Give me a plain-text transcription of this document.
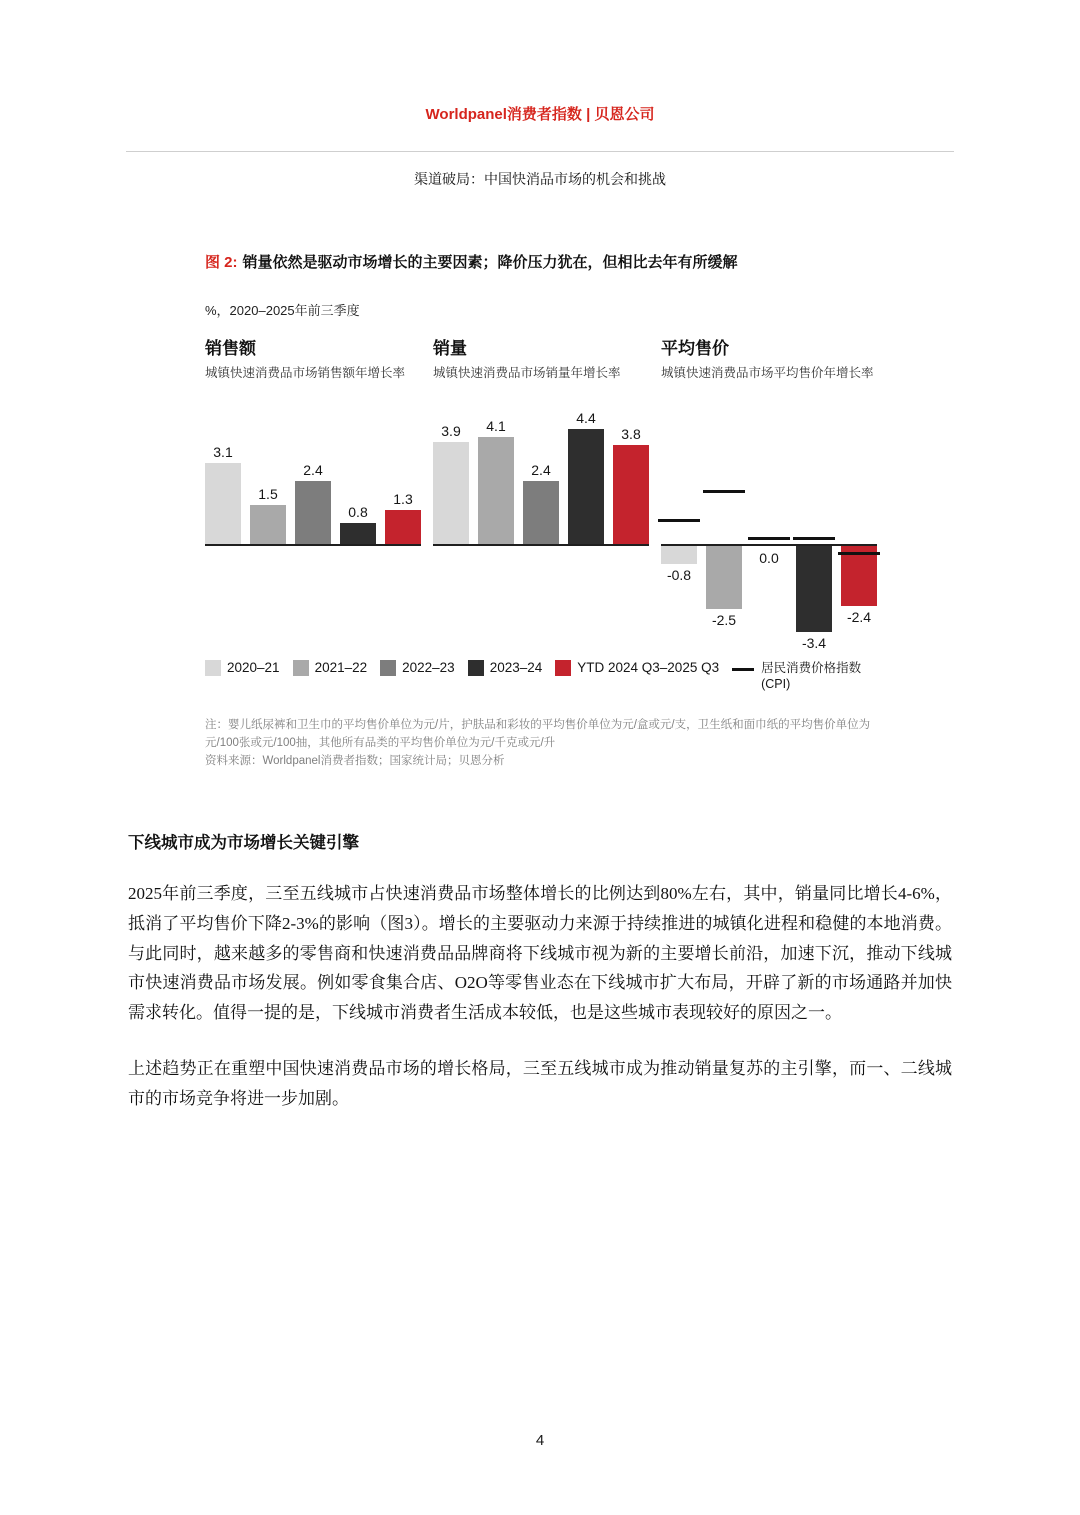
Worldpanel消费者指数 | 贝恩公司
渠道破局：中国快消品市场的机会和挑战
图 2: 销量依然是驱动市场增长的主要因素；降价压力犹在，但相比去年有所缓解
%，2020–2025年前三季度
销售额
城镇快速消费品市场销售额年增长率
3.1
1.5
2.4
0.8
1.3
销量
城镇快速消费品市场销量年增长率
3.9 4.1
2.4
4.4
3.8
平均售价
城镇快速消费品市场平均售价年增长率
-0.8
-2.5
0.0
-3.4
-2.4
2020–21	2021–22	2022–23	2023–24	YTD 2024 Q3–2025 Q3	居民消费价格指数 (CPI)
注：婴儿纸尿裤和卫生巾的平均售价单位为元/片，护肤品和彩妆的平均售价单位为元/盒或元/支，卫生纸和面巾纸的平均售价单位为元/100张或元/100抽，其他所有品类的平均售价单位为元/千克或元/升
资料来源：Worldpanel消费者指数；国家统计局；贝恩分析
下线城市成为市场增长关键引擎

2025年前三季度，三至五线城市占快速消费品市场整体增长的比例达到80%左右，其中，销量同比增长4-6%，抵消了平均售价下降2-3%的影响（图3）。增长的主要驱动力来源于持续推进的城镇化进程和稳健的本地消费。与此同时，越来越多的零售商和快速消费品品牌商将下线城市视为新的主要增长前沿，加速下沉，推动下线城市快速消费品市场发展。例如零食集合店、O2O等零售业态在下线城市扩大布局，开辟了新的市场通路并加快需求转化。值得一提的是，下线城市消费者生活成本较低，也是这些城市表现较好的原因之一。

上述趋势正在重塑中国快速消费品市场的增长格局，三至五线城市成为推动销量复苏的主引擎，而一、二线城市的市场竞争将进一步加剧。

4
